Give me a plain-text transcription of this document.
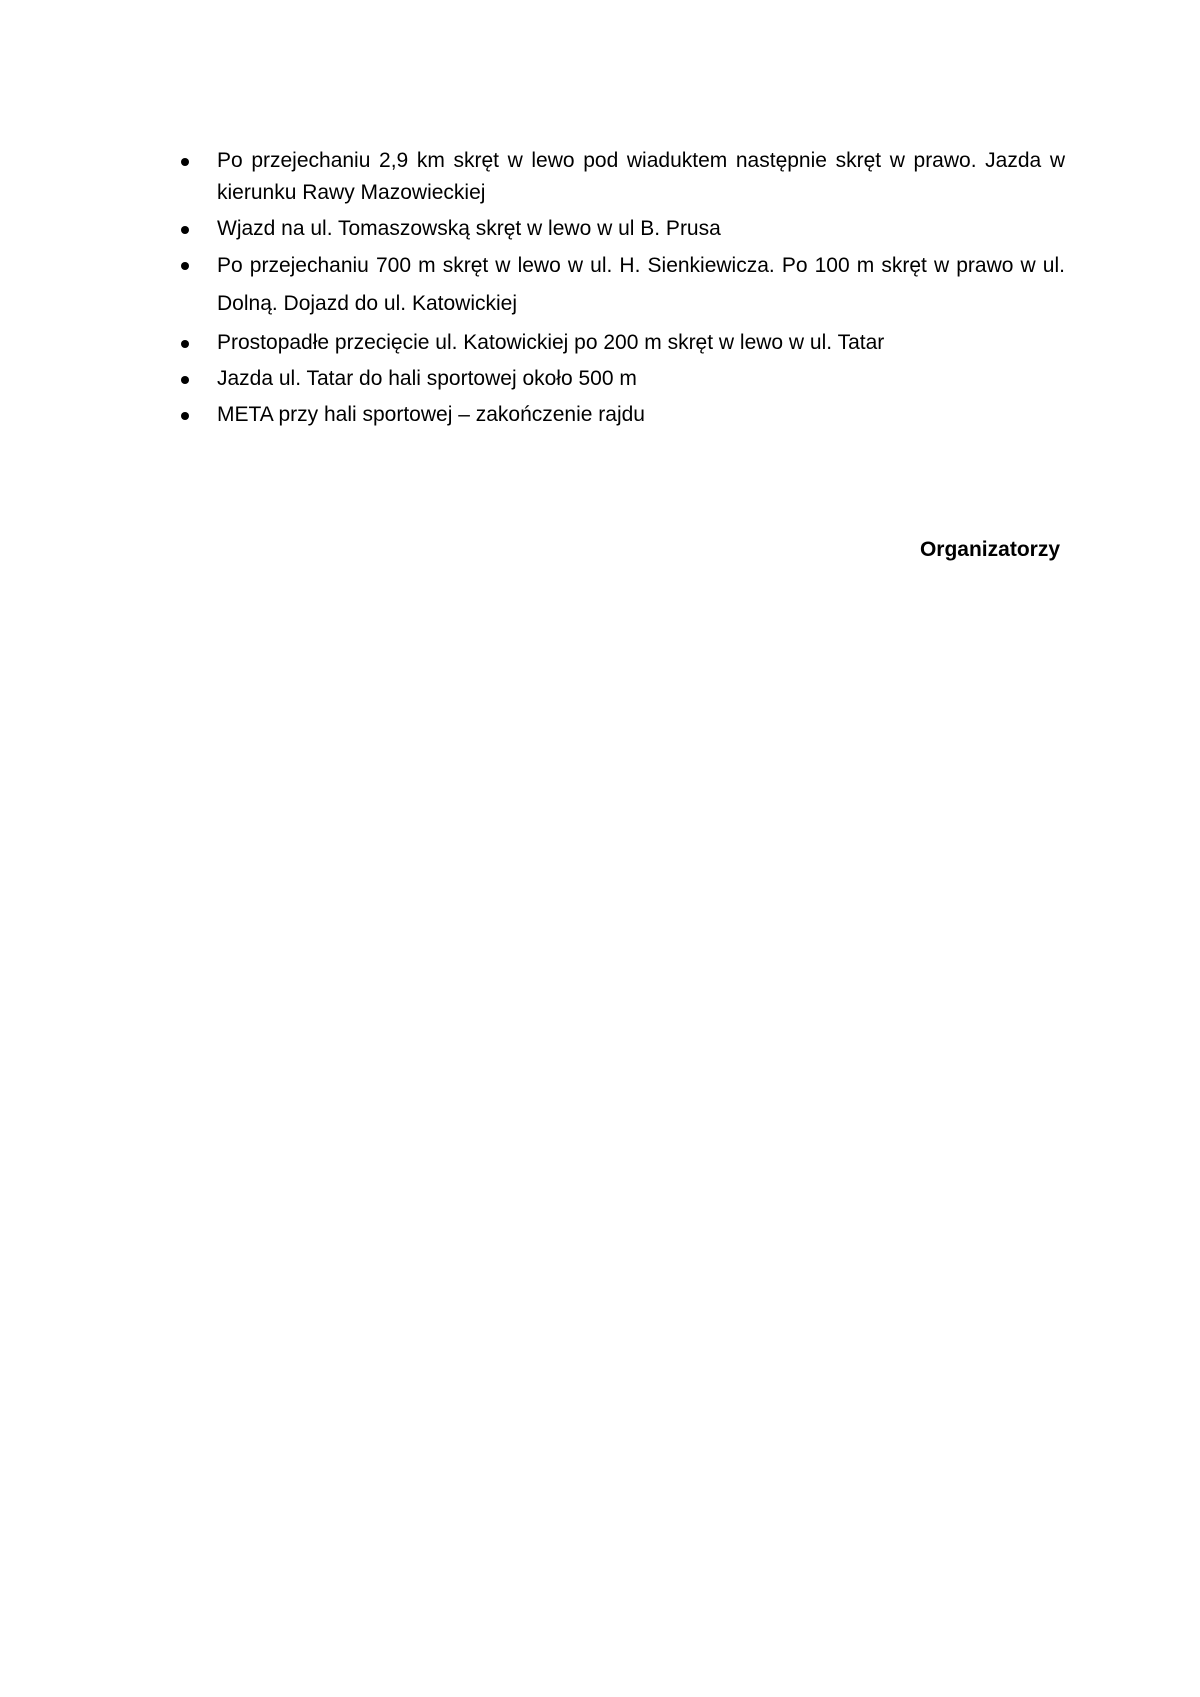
Po przejechaniu 2,9 km skręt w lewo pod wiaduktem następnie skręt w prawo. Jazda w kierunku Rawy Mazowieckiej
Wjazd na ul. Tomaszowską skręt w lewo w ul B. Prusa
Po przejechaniu 700 m skręt w lewo w ul. H. Sienkiewicza. Po 100 m skręt w prawo w ul. Dolną. Dojazd do ul. Katowickiej
Prostopadłe przecięcie ul. Katowickiej po 200 m skręt w lewo w ul. Tatar
Jazda ul. Tatar do hali sportowej około 500 m
META przy hali sportowej – zakończenie rajdu
Organizatorzy
